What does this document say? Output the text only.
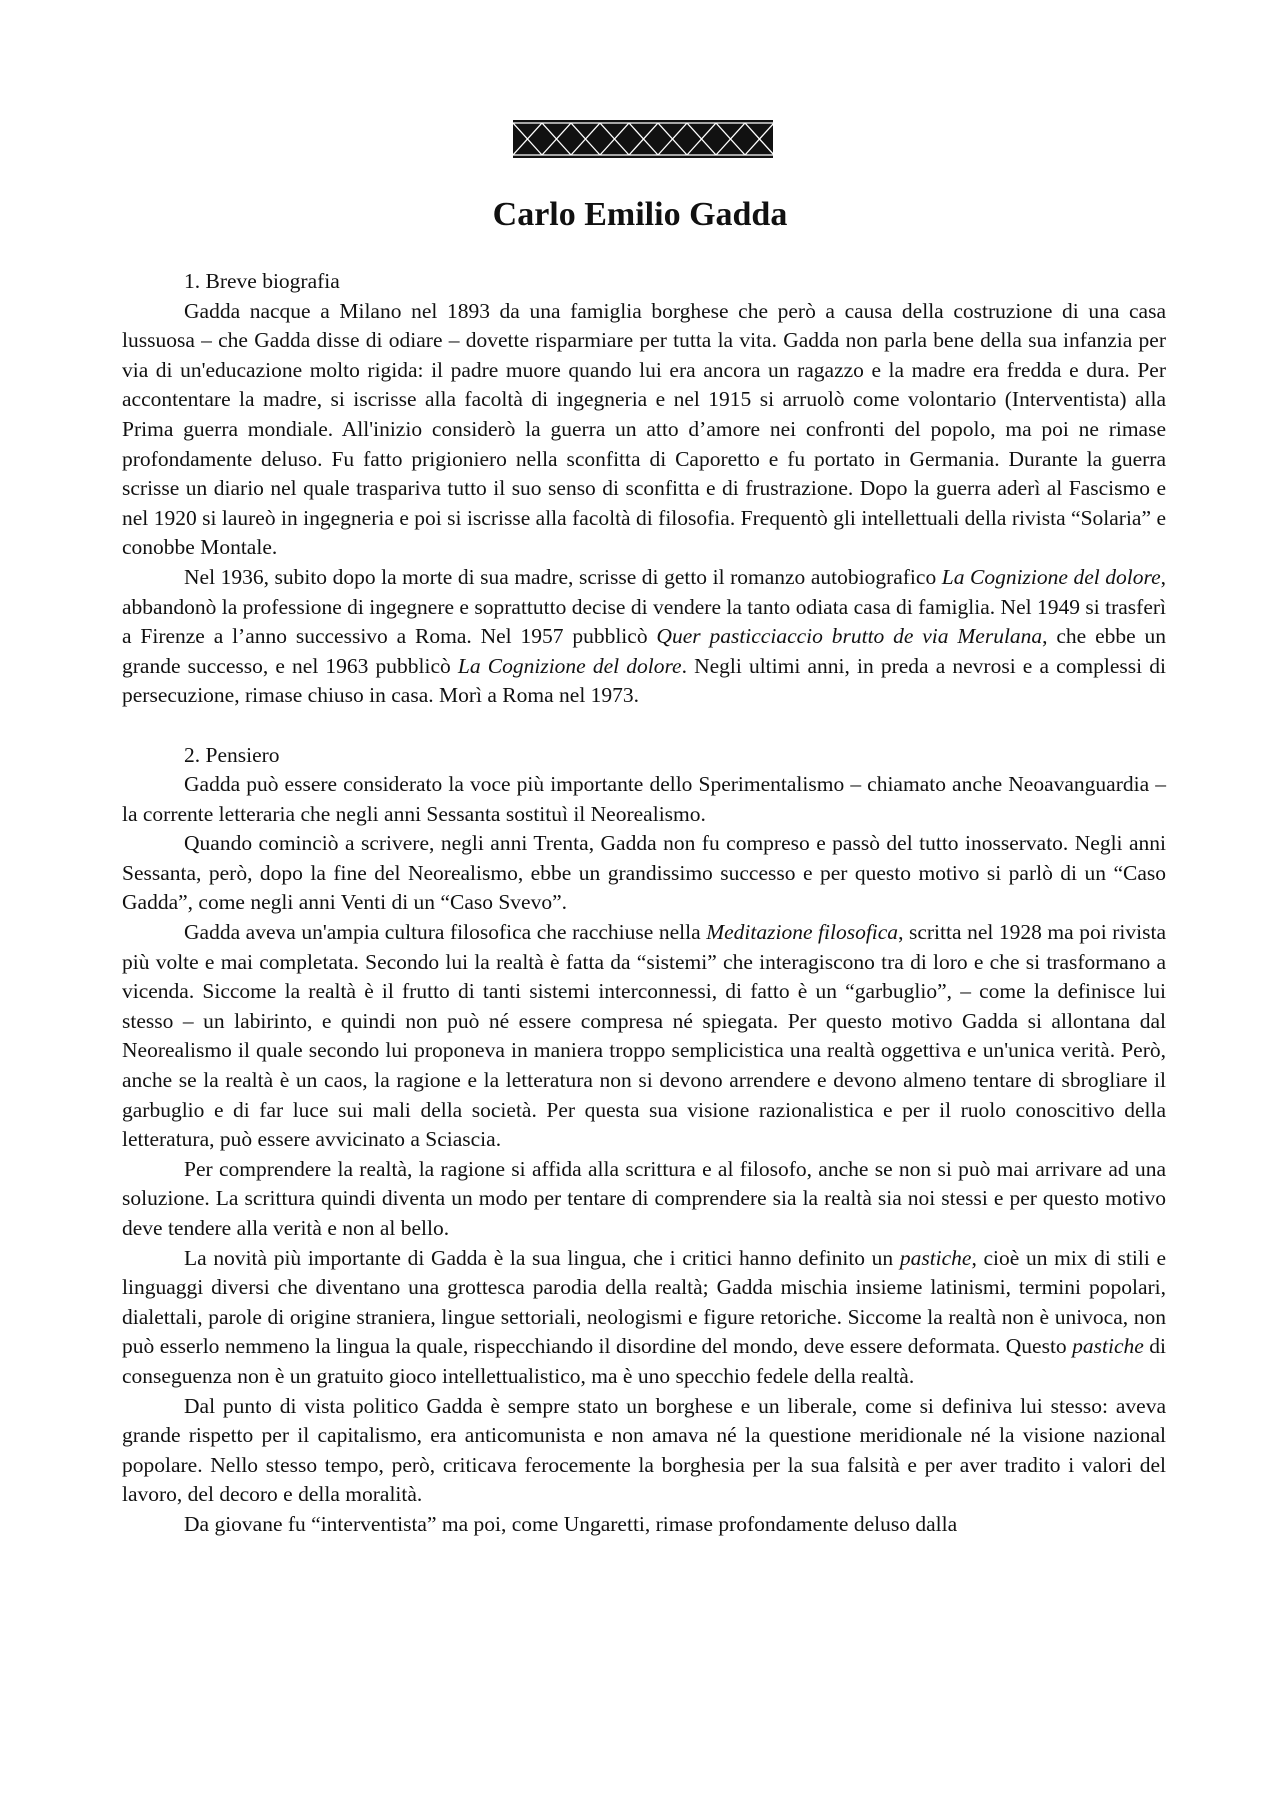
Carlo Emilio Gadda

1. Breve biografia

Gadda nacque a Milano nel 1893 da una famiglia borghese che però a causa della costruzione di una casa lussuosa – che Gadda disse di odiare – dovette risparmiare per tutta la vita. Gadda non parla bene della sua infanzia per via di un'educazione molto rigida: il padre muore quando lui era ancora un ragazzo e la madre era fredda e dura. Per accontentare la madre, si iscrisse alla facoltà di ingegneria e nel 1915 si arruolò come volontario (Interventista) alla Prima guerra mondiale. All'inizio considerò la guerra un atto d’amore nei confronti del popolo, ma poi ne rimase profondamente deluso. Fu fatto prigioniero nella sconfitta di Caporetto e fu portato in Germania. Durante la guerra scrisse un diario nel quale traspariva tutto il suo senso di sconfitta e di frustrazione. Dopo la guerra aderì al Fascismo e nel 1920 si laureò in ingegneria e poi si iscrisse alla facoltà di filosofia. Frequentò gli intellettuali della rivista “Solaria” e conobbe Montale.

Nel 1936, subito dopo la morte di sua madre, scrisse di getto il romanzo autobiografico La Cognizione del dolore, abbandonò la professione di ingegnere e soprattutto decise di vendere la tanto odiata casa di famiglia. Nel 1949 si trasferì a Firenze a l’anno successivo a Roma. Nel 1957 pubblicò Quer pasticciaccio brutto de via Merulana, che ebbe un grande successo, e nel 1963 pubblicò La Cognizione del dolore. Negli ultimi anni, in preda a nevrosi e a complessi di persecuzione, rimase chiuso in casa. Morì a Roma nel 1973.

2. Pensiero

Gadda può essere considerato la voce più importante dello Sperimentalismo – chiamato anche Neoavanguardia – la corrente letteraria che negli anni Sessanta sostituì il Neorealismo.

Quando cominciò a scrivere, negli anni Trenta, Gadda non fu compreso e passò del tutto inosservato. Negli anni Sessanta, però, dopo la fine del Neorealismo, ebbe un grandissimo successo e per questo motivo si parlò di un “Caso Gadda”, come negli anni Venti di un “Caso Svevo”.

Gadda aveva un'ampia cultura filosofica che racchiuse nella Meditazione filosofica, scritta nel 1928 ma poi rivista più volte e mai completata. Secondo lui la realtà è fatta da “sistemi” che interagiscono tra di loro e che si trasformano a vicenda. Siccome la realtà è il frutto di tanti sistemi interconnessi, di fatto è un “garbuglio”, – come la definisce lui stesso – un labirinto, e quindi non può né essere compresa né spiegata. Per questo motivo Gadda si allontana dal Neorealismo il quale secondo lui proponeva in maniera troppo semplicistica una realtà oggettiva e un'unica verità. Però, anche se la realtà è un caos, la ragione e la letteratura non si devono arrendere e devono almeno tentare di sbrogliare il garbuglio e di far luce sui mali della società. Per questa sua visione razionalistica e per il ruolo conoscitivo della letteratura, può essere avvicinato a Sciascia.

Per comprendere la realtà, la ragione si affida alla scrittura e al filosofo, anche se non si può mai arrivare ad una soluzione. La scrittura quindi diventa un modo per tentare di comprendere sia la realtà sia noi stessi e per questo motivo deve tendere alla verità e non al bello.

La novità più importante di Gadda è la sua lingua, che i critici hanno definito un pastiche, cioè un mix di stili e linguaggi diversi che diventano una grottesca parodia della realtà; Gadda mischia insieme latinismi, termini popolari, dialettali, parole di origine straniera, lingue settoriali, neologismi e figure retoriche. Siccome la realtà non è univoca, non può esserlo nemmeno la lingua la quale, rispecchiando il disordine del mondo, deve essere deformata. Questo pastiche di conseguenza non è un gratuito gioco intellettualistico, ma è uno specchio fedele della realtà.

Dal punto di vista politico Gadda è sempre stato un borghese e un liberale, come si definiva lui stesso: aveva grande rispetto per il capitalismo, era anticomunista e non amava né la questione meridionale né la visione nazional popolare. Nello stesso tempo, però, criticava ferocemente la borghesia per la sua falsità e per aver tradito i valori del lavoro, del decoro e della moralità.

Da giovane fu “interventista” ma poi, come Ungaretti, rimase profondamente deluso dalla
